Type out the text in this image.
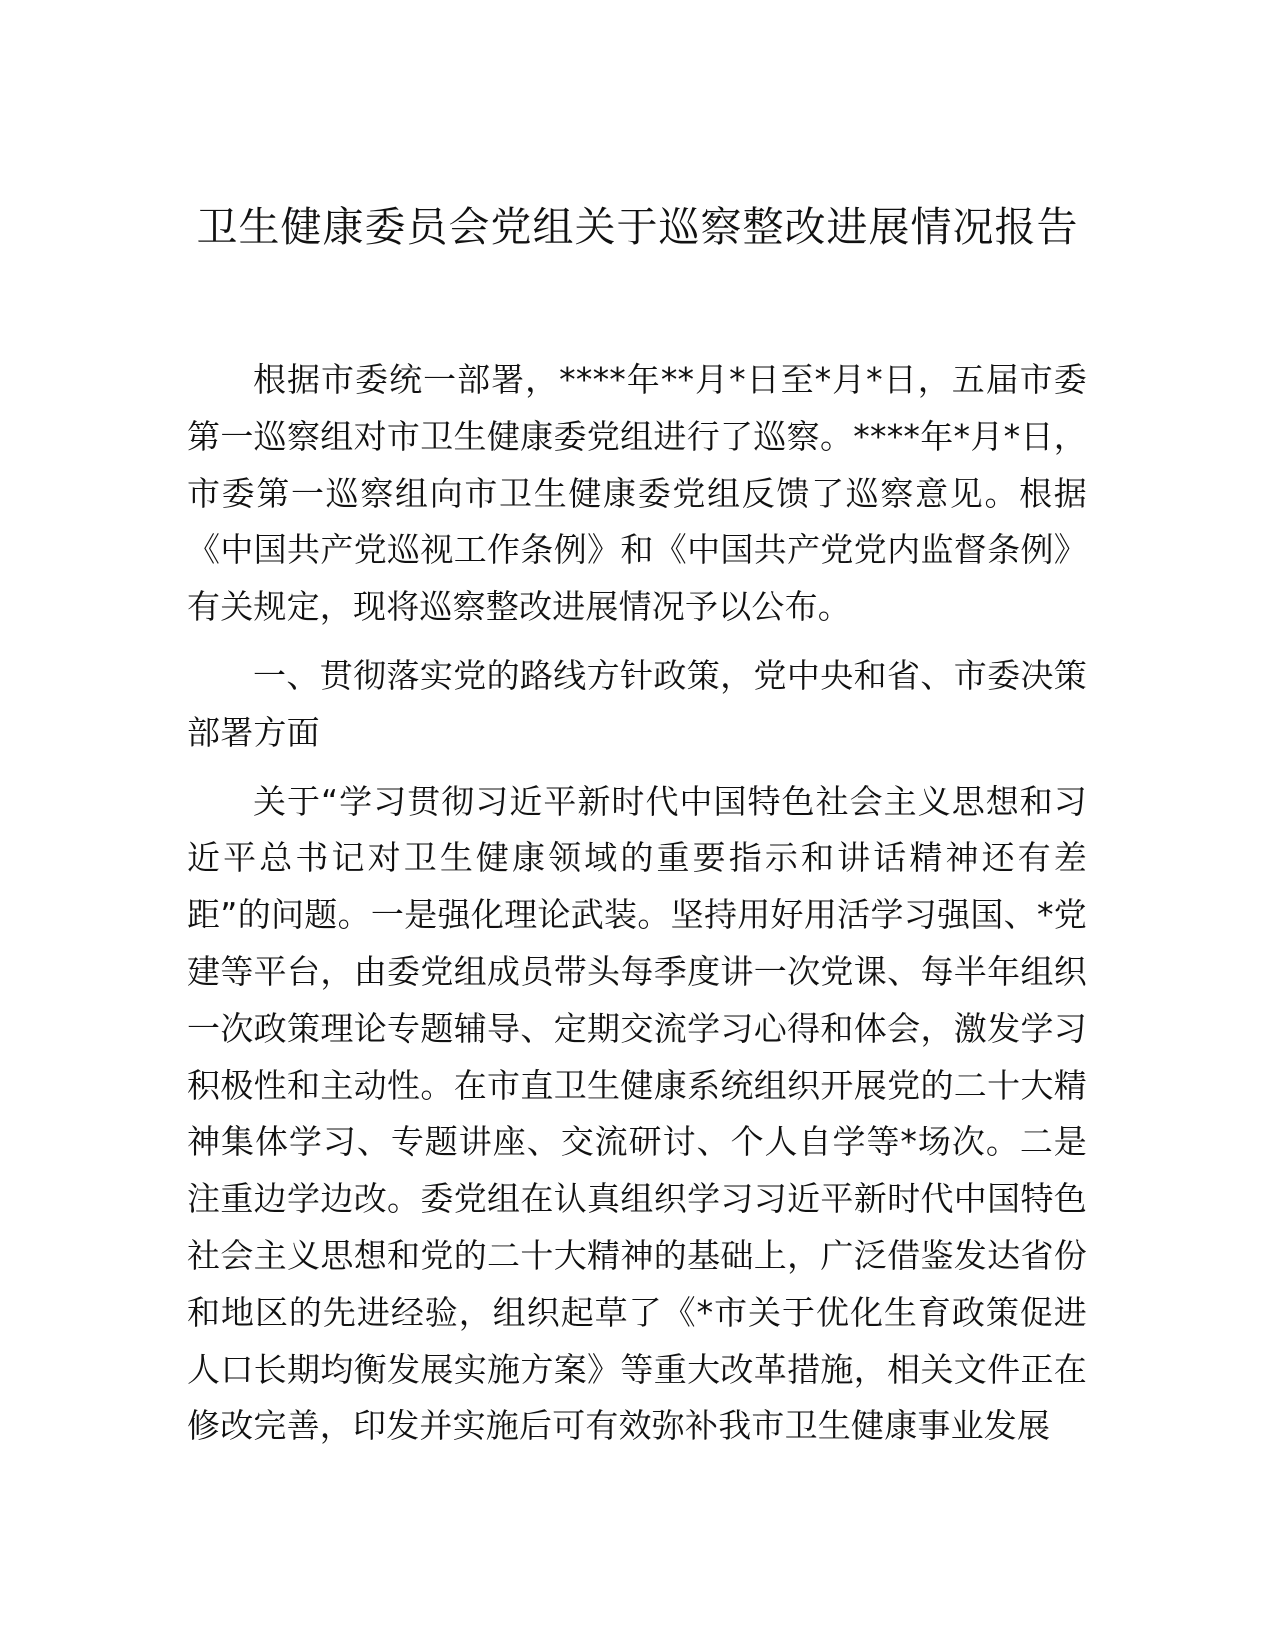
卫生健康委员会党组关于巡察整改进展情况报告

根据市委统一部署，****年**月*日至*月*日，五届市委第一巡察组对市卫生健康委党组进行了巡察。****年*月*日，市委第一巡察组向市卫生健康委党组反馈了巡察意见。根据《中国共产党巡视工作条例》和《中国共产党党内监督条例》有关规定，现将巡察整改进展情况予以公布。

一、贯彻落实党的路线方针政策，党中央和省、市委决策部署方面

关于“学习贯彻习近平新时代中国特色社会主义思想和习近平总书记对卫生健康领域的重要指示和讲话精神还有差距”的问题。一是强化理论武装。坚持用好用活学习强国、*党建等平台，由委党组成员带头每季度讲一次党课、每半年组织一次政策理论专题辅导、定期交流学习心得和体会，激发学习积极性和主动性。在市直卫生健康系统组织开展党的二十大精神集体学习、专题讲座、交流研讨、个人自学等*场次。二是注重边学边改。委党组在认真组织学习习近平新时代中国特色社会主义思想和党的二十大精神的基础上，广泛借鉴发达省份和地区的先进经验，组织起草了《*市关于优化生育政策促进人口长期均衡发展实施方案》等重大改革措施，相关文件正在修改完善，印发并实施后可有效弥补我市卫生健康事业发展
